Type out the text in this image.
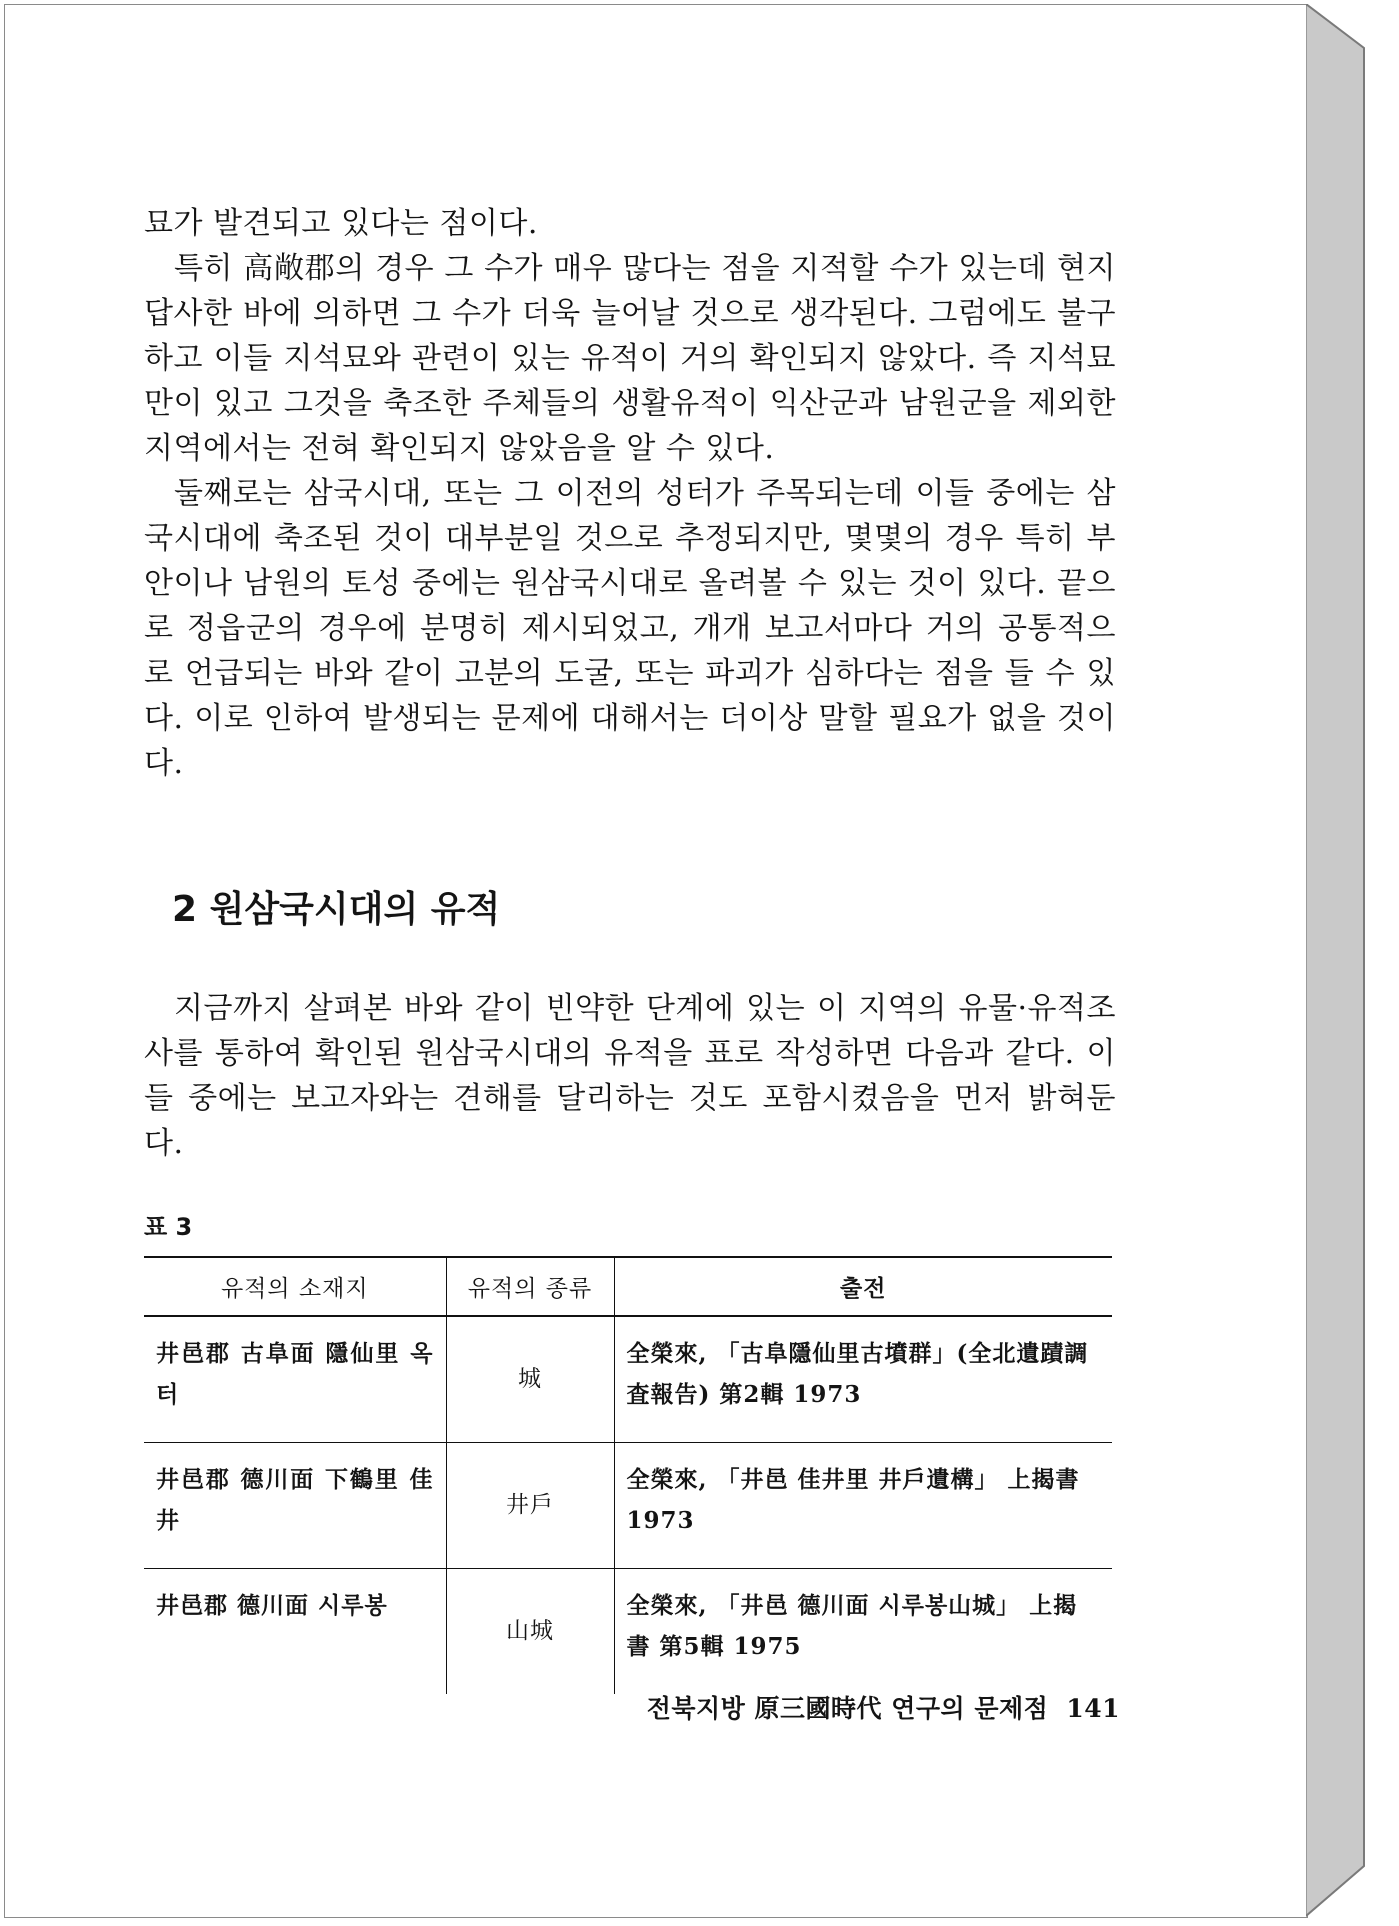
묘가 발견되고 있다는 점이다.

특히 高敞郡의 경우 그 수가 매우 많다는 점을 지적할 수가 있는데 현지답사한 바에 의하면 그 수가 더욱 늘어날 것으로 생각된다. 그럼에도 불구하고 이들 지석묘와 관련이 있는 유적이 거의 확인되지 않았다. 즉 지석묘만이 있고 그것을 축조한 주체들의 생활유적이 익산군과 남원군을 제외한 지역에서는 전혀 확인되지 않았음을 알 수 있다.

둘째로는 삼국시대, 또는 그 이전의 성터가 주목되는데 이들 중에는 삼국시대에 축조된 것이 대부분일 것으로 추정되지만, 몇몇의 경우 특히 부안이나 남원의 토성 중에는 원삼국시대로 올려볼 수 있는 것이 있다. 끝으로 정읍군의 경우에 분명히 제시되었고, 개개 보고서마다 거의 공통적으로 언급되는 바와 같이 고분의 도굴, 또는 파괴가 심하다는 점을 들 수 있다. 이로 인하여 발생되는 문제에 대해서는 더이상 말할 필요가 없을 것이다.

2 원삼국시대의 유적

지금까지 살펴본 바와 같이 빈약한 단계에 있는 이 지역의 유물·유적조사를 통하여 확인된 원삼국시대의 유적을 표로 작성하면 다음과 같다. 이들 중에는 보고자와는 견해를 달리하는 것도 포함시켰음을 먼저 밝혀둔다.

표 3
유적의 소재지	유적의 종류	출전
井邑郡 古阜面 隱仙里 옥터	城	全榮來, 「古阜隱仙里古墳群」(全北遺蹟調査報告) 第2輯 1973
井邑郡 德川面 下鶴里 佳井	井戶	全榮來, 「井邑 佳井里 井戶遺構」 上揭書 1973
井邑郡 德川面 시루봉	山城	全榮來, 「井邑 德川面 시루봉山城」 上揭書 第5輯 1975
전북지방 原三國時代 연구의 문제점 141
